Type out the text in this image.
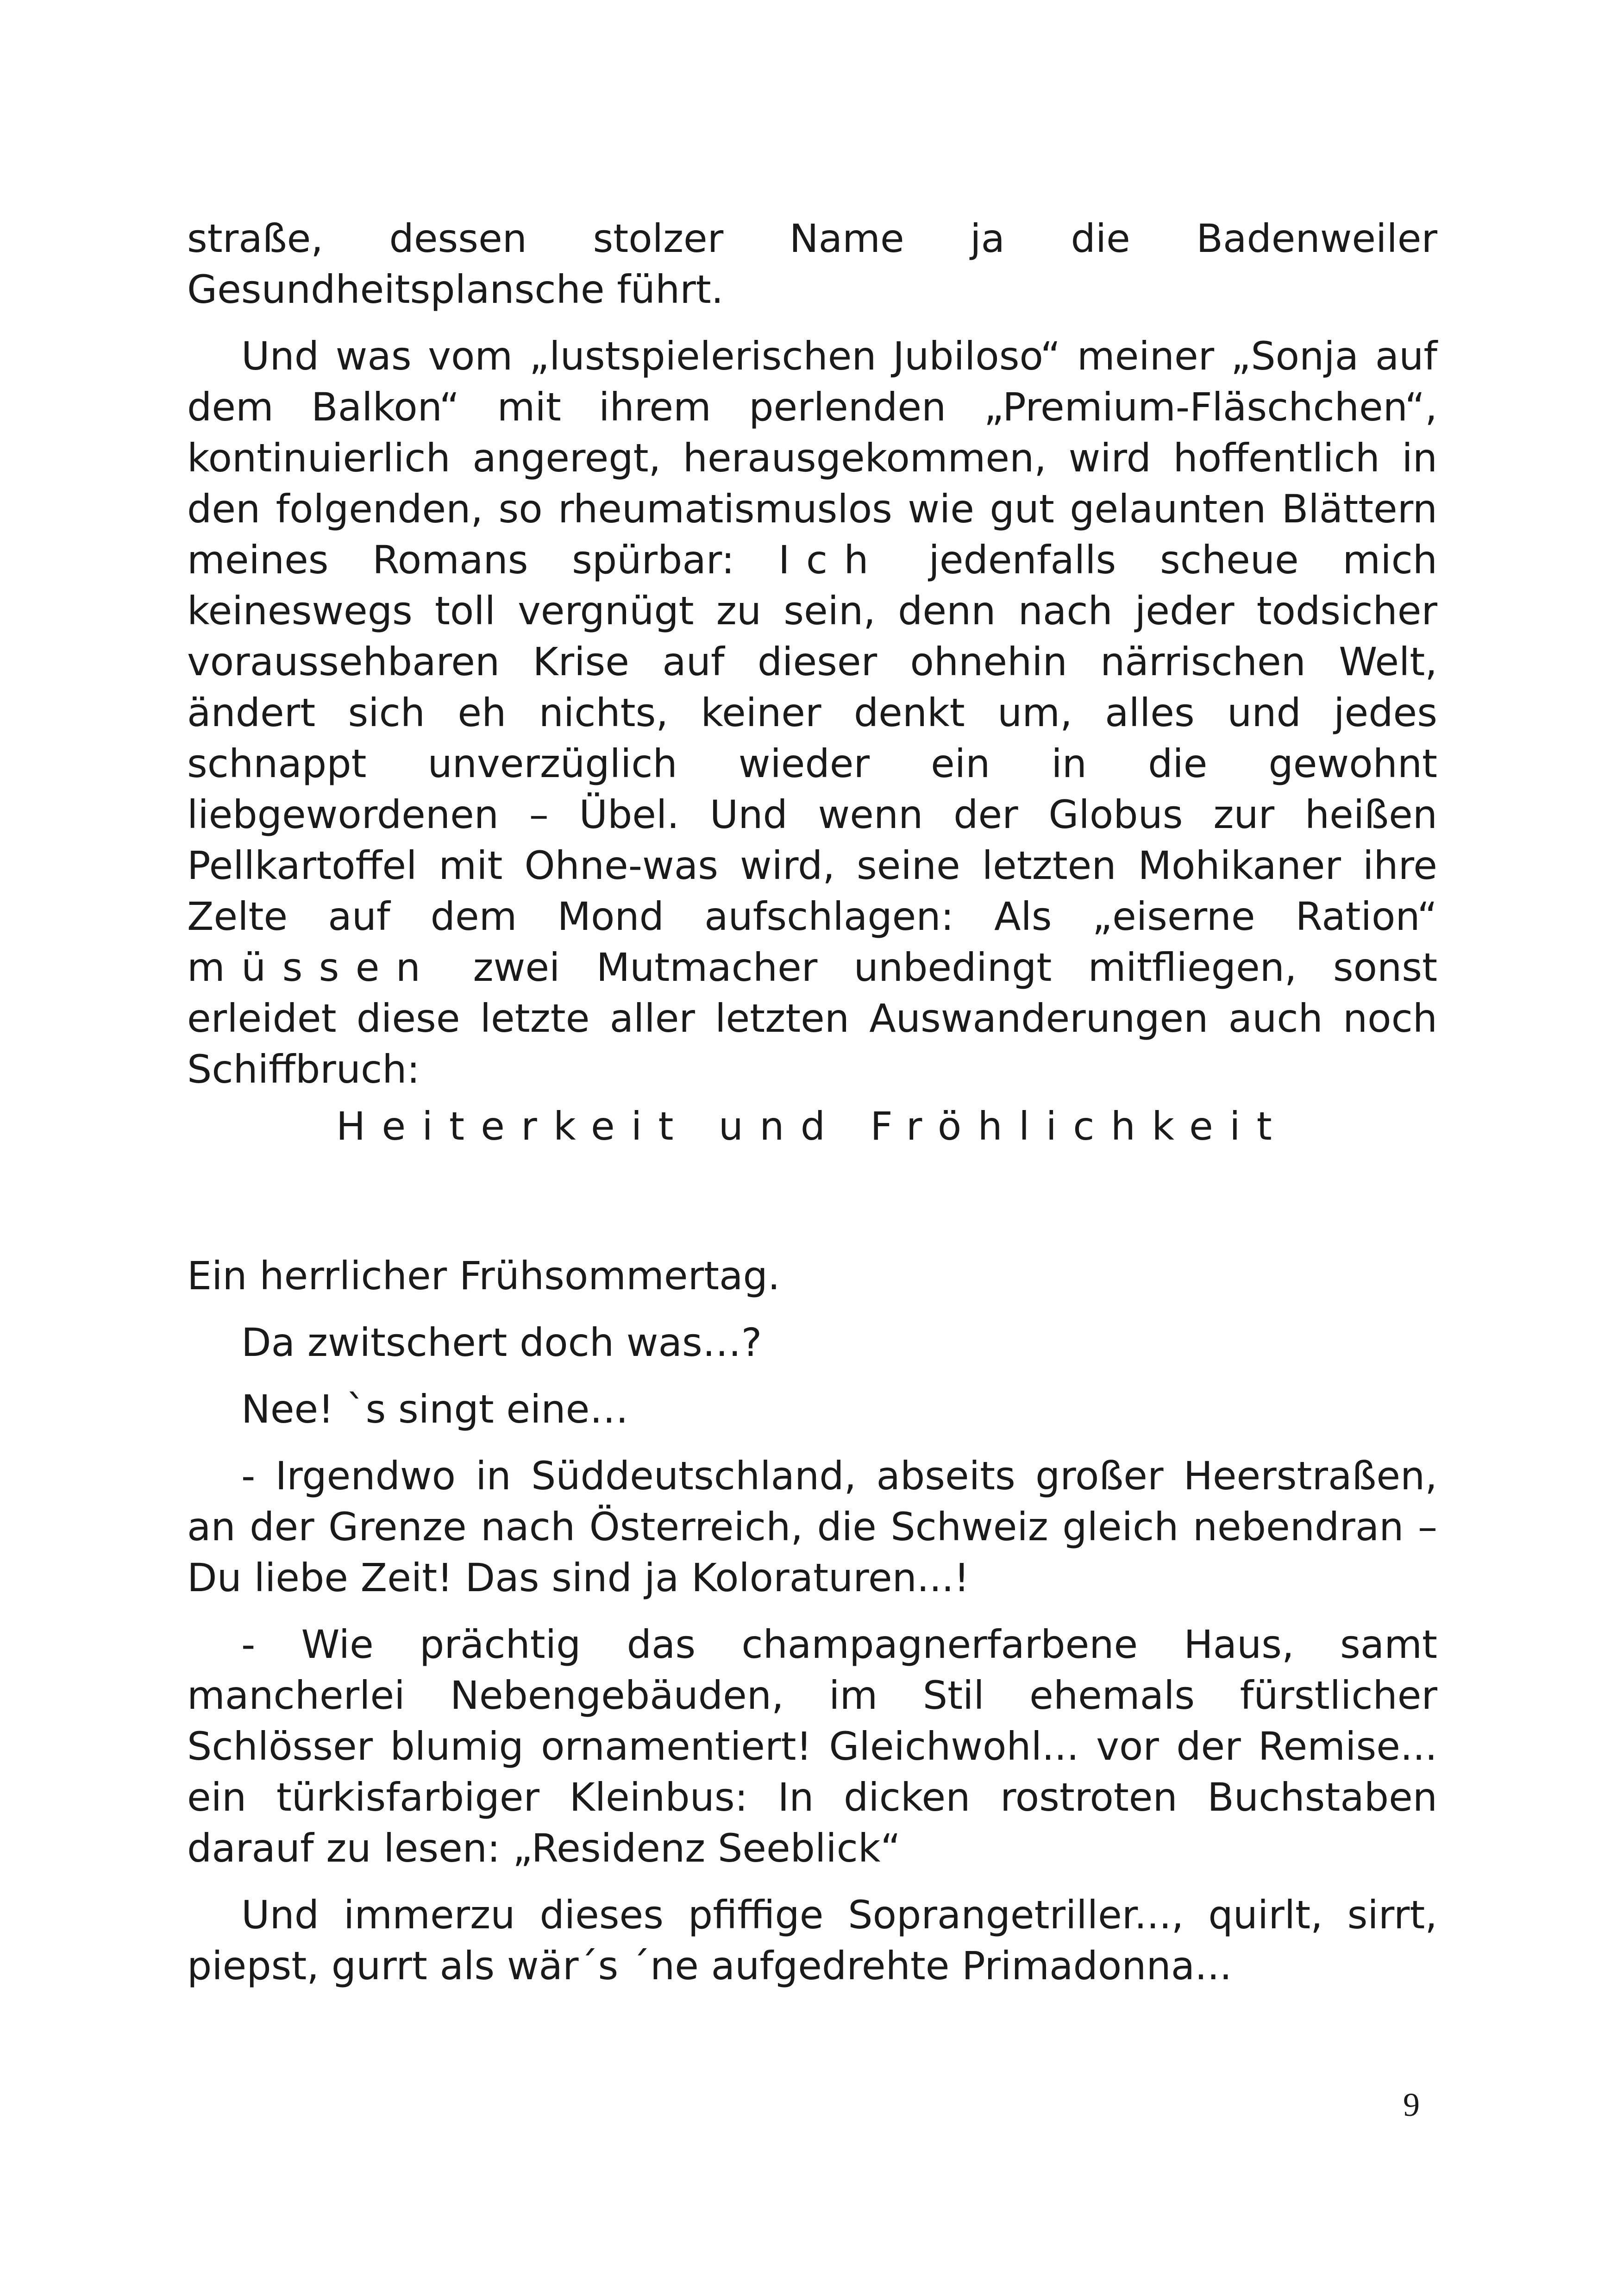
straße, dessen stolzer Name ja die Badenweiler Gesundheitsplansche führt.

Und was vom „lustspielerischen Jubiloso“ meiner „Sonja auf dem Balkon“ mit ihrem perlenden „Premium-Fläschchen“, kontinuierlich angeregt, herausgekommen, wird hoffentlich in den folgenden, so rheumatismuslos wie gut gelaunten Blättern meines Romans spürbar: Ich jedenfalls scheue mich keineswegs toll vergnügt zu sein, denn nach jeder todsicher voraussehbaren Krise auf dieser ohnehin närrischen Welt, ändert sich eh nichts, keiner denkt um, alles und jedes schnappt unverzüglich wieder ein in die gewohnt liebgewordenen – Übel. Und wenn der Globus zur heißen Pellkartoffel mit Ohne-was wird, seine letzten Mohikaner ihre Zelte auf dem Mond aufschlagen: Als „eiserne Ration“ müssen zwei Mutmacher unbedingt mitfliegen, sonst erleidet diese letzte aller letzten Auswanderungen auch noch Schiffbruch:

Heiterkeit und Fröhlichkeit

Ein herrlicher Frühsommertag.

Da zwitschert doch was…?

Nee! `s singt eine…

- Irgendwo in Süddeutschland, abseits großer Heerstraßen, an der Grenze nach Österreich, die Schweiz gleich nebendran – Du liebe Zeit! Das sind ja Koloraturen...!

- Wie prächtig das champagnerfarbene Haus, samt mancherlei Nebengebäuden, im Stil ehemals fürstlicher Schlösser blumig ornamentiert! Gleichwohl... vor der Remise... ein türkisfarbiger Kleinbus: In dicken rostroten Buchstaben darauf zu lesen: „Residenz Seeblick“

Und immerzu dieses pfiffige Soprangetriller..., quirlt, sirrt, piepst, gurrt als wär´s ´ne aufgedrehte Primadonna...

9
